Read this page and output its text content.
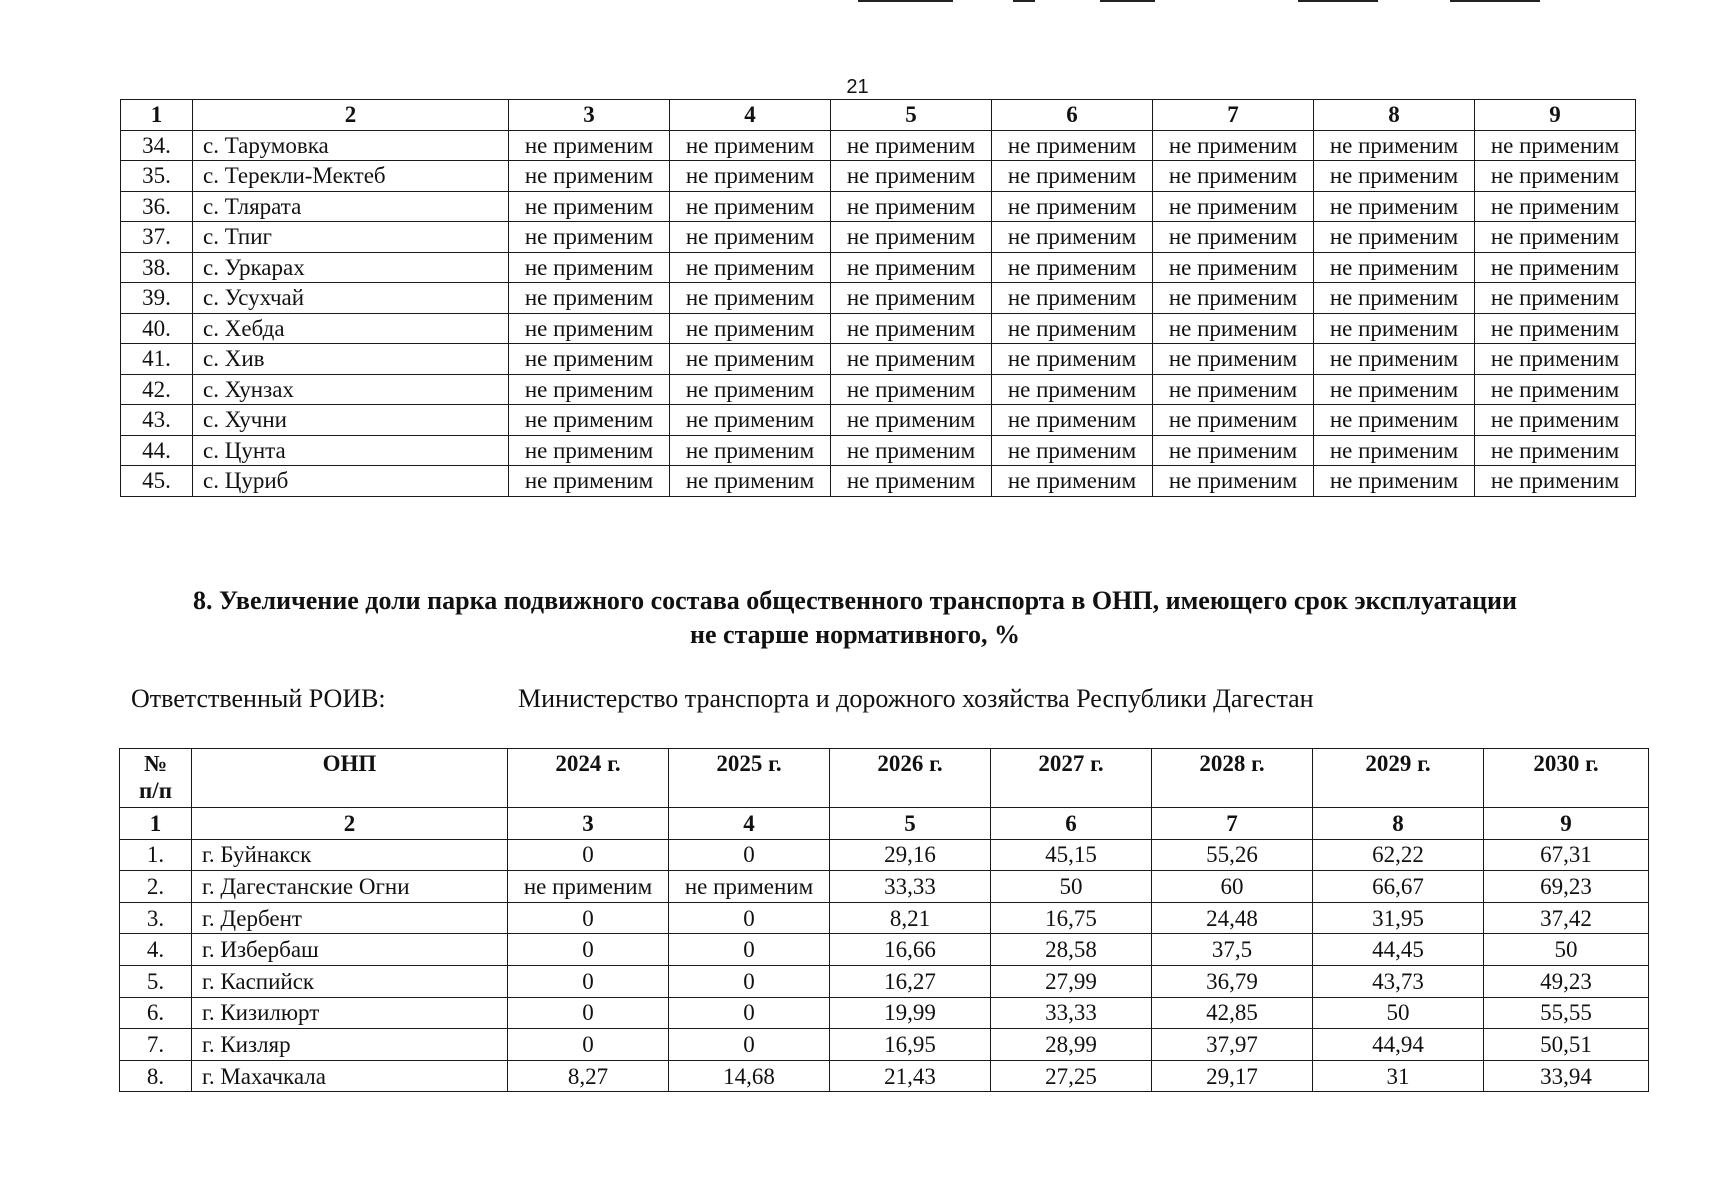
21
1	2	3	4	5	6	7	8	9
34.	с. Тарумовка	не применим	не применим	не применим	не применим	не применим	не применим	не применим
35.	с. Терекли-Мектеб	не применим	не применим	не применим	не применим	не применим	не применим	не применим
36.	с. Тлярата	не применим	не применим	не применим	не применим	не применим	не применим	не применим
37.	с. Тпиг	не применим	не применим	не применим	не применим	не применим	не применим	не применим
38.	с. Уркарах	не применим	не применим	не применим	не применим	не применим	не применим	не применим
39.	с. Усухчай	не применим	не применим	не применим	не применим	не применим	не применим	не применим
40.	с. Хебда	не применим	не применим	не применим	не применим	не применим	не применим	не применим
41.	с. Хив	не применим	не применим	не применим	не применим	не применим	не применим	не применим
42.	с. Хунзах	не применим	не применим	не применим	не применим	не применим	не применим	не применим
43.	с. Хучни	не применим	не применим	не применим	не применим	не применим	не применим	не применим
44.	с. Цунта	не применим	не применим	не применим	не применим	не применим	не применим	не применим
45.	с. Цуриб	не применим	не применим	не применим	не применим	не применим	не применим	не применим
8. Увеличение доли парка подвижного состава общественного транспорта в ОНП, имеющего срок эксплуатации
не старше нормативного, %
Ответственный РОИВ:	Министерство транспорта и дорожного хозяйства Республики Дагестан
№
п/п	ОНП	2024 г.	2025 г.	2026 г.	2027 г.	2028 г.	2029 г.	2030 г.
1	2	3	4	5	6	7	8	9
1.	г. Буйнакск	0	0	29,16	45,15	55,26	62,22	67,31
2.	г. Дагестанские Огни	не применим	не применим	33,33	50	60	66,67	69,23
3.	г. Дербент	0	0	8,21	16,75	24,48	31,95	37,42
4.	г. Избербаш	0	0	16,66	28,58	37,5	44,45	50
5.	г. Каспийск	0	0	16,27	27,99	36,79	43,73	49,23
6.	г. Кизилюрт	0	0	19,99	33,33	42,85	50	55,55
7.	г. Кизляр	0	0	16,95	28,99	37,97	44,94	50,51
8.	г. Махачкала	8,27	14,68	21,43	27,25	29,17	31	33,94
